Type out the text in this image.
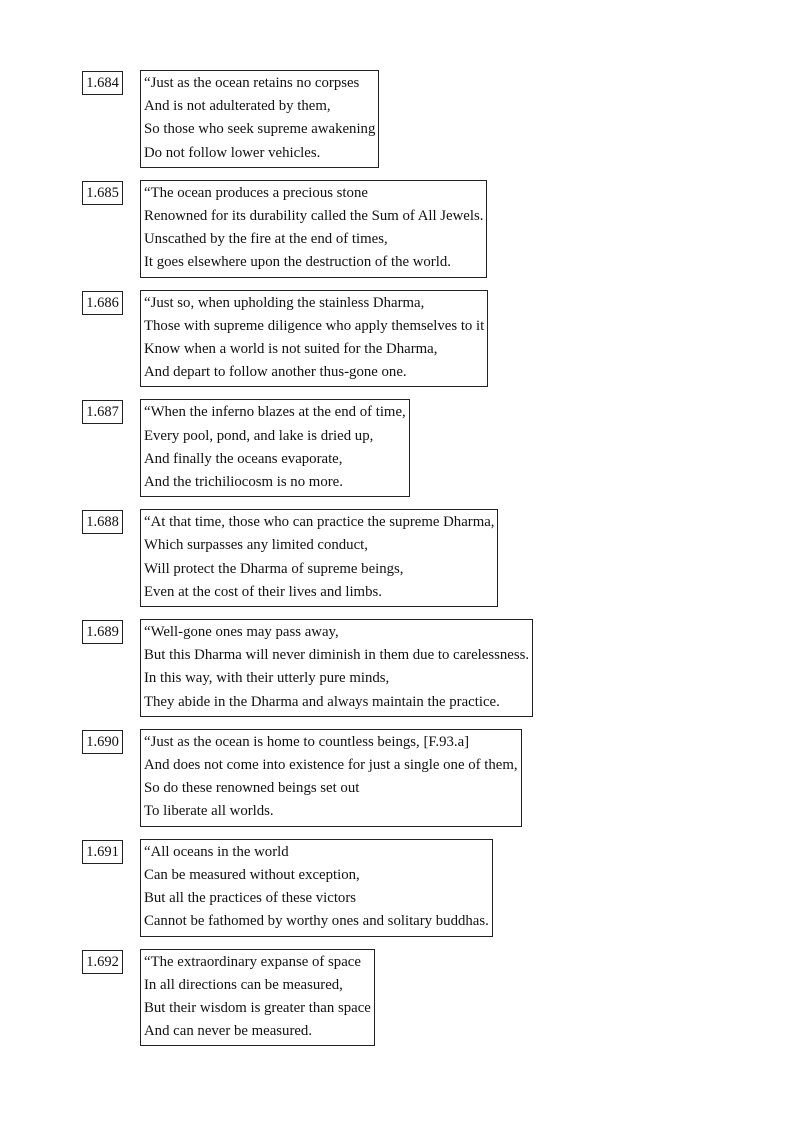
1.684 “Just as the ocean retains no corpses
And is not adulterated by them,
So those who seek supreme awakening
Do not follow lower vehicles.
1.685 “The ocean produces a precious stone
Renowned for its durability called the Sum of All Jewels.
Unscathed by the fire at the end of times,
It goes elsewhere upon the destruction of the world.
1.686 “Just so, when upholding the stainless Dharma,
Those with supreme diligence who apply themselves to it
Know when a world is not suited for the Dharma,
And depart to follow another thus-gone one.
1.687 “When the inferno blazes at the end of time,
Every pool, pond, and lake is dried up,
And finally the oceans evaporate,
And the trichiliocosm is no more.
1.688 “At that time, those who can practice the supreme Dharma,
Which surpasses any limited conduct,
Will protect the Dharma of supreme beings,
Even at the cost of their lives and limbs.
1.689 “Well-gone ones may pass away,
But this Dharma will never diminish in them due to carelessness.
In this way, with their utterly pure minds,
They abide in the Dharma and always maintain the practice.
1.690 “Just as the ocean is home to countless beings, [F.93.a]
And does not come into existence for just a single one of them,
So do these renowned beings set out
To liberate all worlds.
1.691 “All oceans in the world
Can be measured without exception,
But all the practices of these victors
Cannot be fathomed by worthy ones and solitary buddhas.
1.692 “The extraordinary expanse of space
In all directions can be measured,
But their wisdom is greater than space
And can never be measured.
